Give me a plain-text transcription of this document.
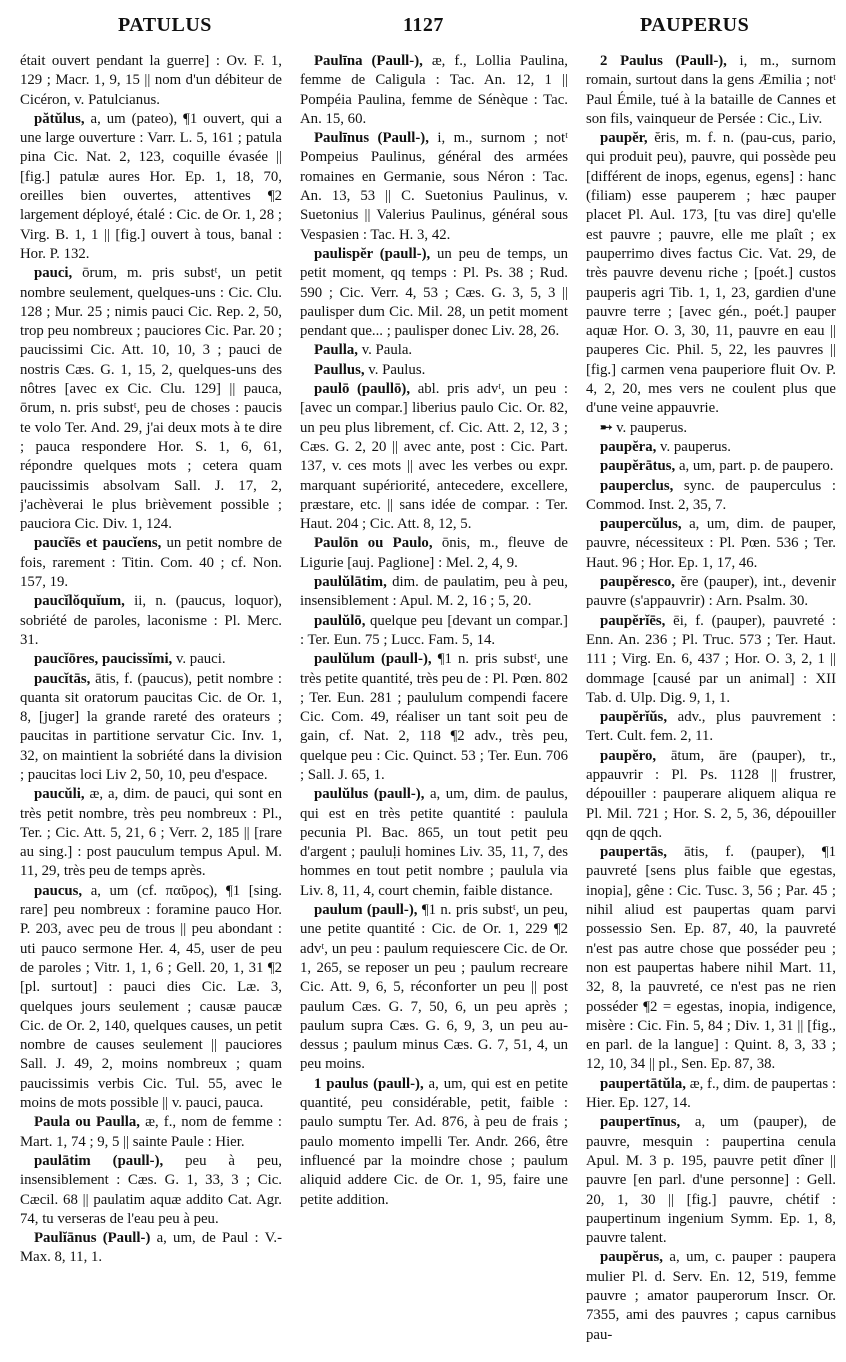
PATULUS	1127	PAUPERUS

était ouvert pendant la guerre] : Ov. F. 1, 129 ; Macr. 1, 9, 15 || nom d'un débiteur de Cicéron, v. Patulcianus.

pătŭlus, a, um (pateo), ¶1 ouvert, qui a une large ouverture : Varr. L. 5, 161 ; patula pina Cic. Nat. 2, 123, coquille évasée || [fig.] patulæ aures Hor. Ep. 1, 18, 70, oreilles bien ouvertes, attentives ¶2 largement déployé, étalé : Cic. de Or. 1, 28 ; Virg. B. 1, 1 || [fig.] ouvert à tous, banal : Hor. P. 132.

pauci, ōrum, m. pris substᵗ, un petit nombre seulement, quelques-uns : Cic. Clu. 128 ; Mur. 25 ; nimis pauci Cic. Rep. 2, 50, trop peu nombreux ; pauciores Cic. Par. 20 ; paucissimi Cic. Att. 10, 10, 3 ; pauci de nostris Cæs. G. 1, 15, 2, quelques-uns des nôtres [avec ex Cic. Clu. 129] || pauca, ōrum, n. pris substᵗ, peu de choses : paucis te volo Ter. And. 29, j'ai deux mots à te dire ; pauca respondere Hor. S. 1, 6, 61, répondre quelques mots ; cetera quam paucissimis absolvam Sall. J. 17, 2, j'achèverai le plus brièvement possible ; pauciora Cic. Div. 1, 124.

paucĭēs et paucĭens, un petit nombre de fois, rarement : Titin. Com. 40 ; cf. Non. 157, 19.

paucĭlŏquĭum, ii, n. (paucus, loquor), sobriété de paroles, laconisme : Pl. Merc. 31.

paucĭōres, paucissĭmi, v. pauci.

paucĭtās, ātis, f. (paucus), petit nombre : quanta sit oratorum paucitas Cic. de Or. 1, 8, [juger] la grande rareté des orateurs ; paucitas in partitione servatur Cic. Inv. 1, 32, on maintient la sobriété dans la division ; paucitas loci Liv 2, 50, 10, peu d'espace.

paucŭli, æ, a, dim. de pauci, qui sont en très petit nombre, très peu nombreux : Pl., Ter. ; Cic. Att. 5, 21, 6 ; Verr. 2, 185 || [rare au sing.] : post pauculum tempus Apul. M. 11, 29, très peu de temps après.

paucus, a, um (cf. παῦρος), ¶1 [sing. rare] peu nombreux : foramine pauco Hor. P. 203, avec peu de trous || peu abondant : uti pauco sermone Her. 4, 45, user de peu de paroles ; Vitr. 1, 1, 6 ; Gell. 20, 1, 31 ¶2 [pl. surtout] : pauci dies Cic. Læ. 3, quelques jours seulement ; causæ paucæ Cic. de Or. 2, 140, quelques causes, un petit nombre de causes seulement || pauciores Sall. J. 49, 2, moins nombreux ; quam paucissimis verbis Cic. Tul. 55, avec le moins de mots possible || v. pauci, pauca.

Paula ou Paulla, æ, f., nom de femme : Mart. 1, 74 ; 9, 5 || sainte Paule : Hier.

paulātim (paull-), peu à peu, insensiblement : Cæs. G. 1, 33, 3 ; Cic. Cæcil. 68 || paulatim aquæ addito Cat. Agr. 74, tu verseras de l'eau peu à peu.

Paulĭānus (Paull-) a, um, de Paul : V.-Max. 8, 11, 1.

Paulīna (Paull-), æ, f., Lollia Paulina, femme de Caligula : Tac. An. 12, 1 || Pompéia Paulina, femme de Sénèque : Tac. An. 15, 60.

Paulīnus (Paull-), i, m., surnom ; notᵗ Pompeius Paulinus, général des armées romaines en Germanie, sous Néron : Tac. An. 13, 53 || C. Suetonius Paulinus, v. Suetonius || Valerius Paulinus, général sous Vespasien : Tac. H. 3, 42.

paulispĕr (paull-), un peu de temps, un petit moment, qq temps : Pl. Ps. 38 ; Rud. 590 ; Cic. Verr. 4, 53 ; Cæs. G. 3, 5, 3 || paulisper dum Cic. Mil. 28, un petit moment pendant que... ; paulisper donec Liv. 28, 26.

Paulla, v. Paula.

Paullus, v. Paulus.

paulō (paullō), abl. pris advᵗ, un peu : [avec un compar.] liberius paulo Cic. Or. 82, un peu plus librement, cf. Cic. Att. 2, 12, 3 ; Cæs. G. 2, 20 || avec ante, post : Cic. Part. 137, v. ces mots || avec les verbes ou expr. marquant supériorité, antecedere, excellere, præstare, etc. || sans idée de compar. : Ter. Haut. 204 ; Cic. Att. 8, 12, 5.

Paulōn ou Paulo, ōnis, m., fleuve de Ligurie [auj. Paglione] : Mel. 2, 4, 9.

paulŭlātim, dim. de paulatim, peu à peu, insensiblement : Apul. M. 2, 16 ; 5, 20.

paulŭlō, quelque peu [devant un compar.] : Ter. Eun. 75 ; Lucc. Fam. 5, 14.

paulŭlum (paull-), ¶1 n. pris substᵗ, une très petite quantité, très peu de : Pl. Pœn. 802 ; Ter. Eun. 281 ; paululum compendi facere Cic. Com. 49, réaliser un tant soit peu de gain, cf. Nat. 2, 118 ¶2 adv., très peu, quelque peu : Cic. Quinct. 53 ; Ter. Eun. 706 ; Sall. J. 65, 1.

paulŭlus (paull-), a, um, dim. de paulus, qui est en très petite quantité : paulula pecunia Pl. Bac. 865, un tout petit peu d'argent ; pauluḷi homines Liv. 35, 11, 7, des hommes en tout petit nombre ; paulula via Liv. 8, 11, 4, court chemin, faible distance.

paulum (paull-), ¶1 n. pris substᵗ, un peu, une petite quantité : Cic. de Or. 1, 229 ¶2 advᵗ, un peu : paulum requiescere Cic. de Or. 1, 265, se reposer un peu ; paulum recreare Cic. Att. 9, 6, 5, réconforter un peu || post paulum Cæs. G. 7, 50, 6, un peu après ; paulum supra Cæs. G. 6, 9, 3, un peu au-dessus ; paulum minus Cæs. G. 7, 51, 4, un peu moins.

1 paulus (paull-), a, um, qui est en petite quantité, peu considérable, petit, faible : paulo sumptu Ter. Ad. 876, à peu de frais ; paulo momento impelli Ter. Andr. 266, être influencé par la moindre chose ; paulum aliquid addere Cic. de Or. 1, 95, faire une petite addition.

2 Paulus (Paull-), i, m., surnom romain, surtout dans la gens Æmilia ; notᵗ Paul Émile, tué à la bataille de Cannes et son fils, vainqueur de Persée : Cic., Liv.

paupĕr, ĕris, m. f. n. (pau-cus, pario, qui produit peu), pauvre, qui possède peu [différent de inops, egenus, egens] : hanc (filiam) esse pauperem ; hæc pauper placet Pl. Aul. 173, [tu vas dire] qu'elle est pauvre ; pauvre, elle me plaît ; ex pauperrimo dives factus Cic. Vat. 29, de très pauvre devenu riche ; [poét.] custos pauperis agri Tib. 1, 1, 23, gardien d'une pauvre terre ; [avec gén., poét.] pauper aquæ Hor. O. 3, 30, 11, pauvre en eau || pauperes Cic. Phil. 5, 22, les pauvres || [fig.] carmen vena pauperiore fluit Ov. P. 4, 2, 20, mes vers ne coulent plus que d'une veine appauvrie.

➸ v. pauperus.

paupĕra, v. pauperus.

paupĕrātus, a, um, part. p. de paupero.

pauperclus, sync. de pauperculus : Commod. Inst. 2, 35, 7.

paupercŭlus, a, um, dim. de pauper, pauvre, nécessiteux : Pl. Pœn. 536 ; Ter. Haut. 96 ; Hor. Ep. 1, 17, 46.

paupĕresco, ĕre (pauper), int., devenir pauvre (s'appauvrir) : Arn. Psalm. 30.

paupĕrĭēs, ēi, f. (pauper), pauvreté : Enn. An. 236 ; Pl. Truc. 573 ; Ter. Haut. 111 ; Virg. En. 6, 437 ; Hor. O. 3, 2, 1 || dommage [causé par un animal] : XII Tab. d. Ulp. Dig. 9, 1, 1.

paupĕrĭŭs, adv., plus pauvrement : Tert. Cult. fem. 2, 11.

paupĕro, ātum, āre (pauper), tr., appauvrir : Pl. Ps. 1128 || frustrer, dépouiller : pauperare aliquem aliqua re Pl. Mil. 721 ; Hor. S. 2, 5, 36, dépouiller qqn de qqch.

paupertās, ātis, f. (pauper), ¶1 pauvreté [sens plus faible que egestas, inopia], gêne : Cic. Tusc. 3, 56 ; Par. 45 ; nihil aliud est paupertas quam parvi possessio Sen. Ep. 87, 40, la pauvreté n'est pas autre chose que posséder peu ; non est paupertas habere nihil Mart. 11, 32, 8, la pauvreté, ce n'est pas ne rien posséder ¶2 = egestas, inopia, indigence, misère : Cic. Fin. 5, 84 ; Div. 1, 31 || [fig., en parl. de la langue] : Quint. 8, 3, 33 ; 12, 10, 34 || pl., Sen. Ep. 87, 38.

paupertātŭla, æ, f., dim. de paupertas : Hier. Ep. 127, 14.

paupertīnus, a, um (pauper), de pauvre, mesquin : paupertina cenula Apul. M. 3 p. 195, pauvre petit dîner || pauvre [en parl. d'une personne] : Gell. 20, 1, 30 || [fig.] pauvre, chétif : paupertinum ingenium Symm. Ep. 1, 8, pauvre talent.

paupĕrus, a, um, c. pauper : paupera mulier Pl. d. Serv. En. 12, 519, femme pauvre ; amator pauperorum Inscr. Or. 7355, ami des pauvres ; capus carnibus pau-
